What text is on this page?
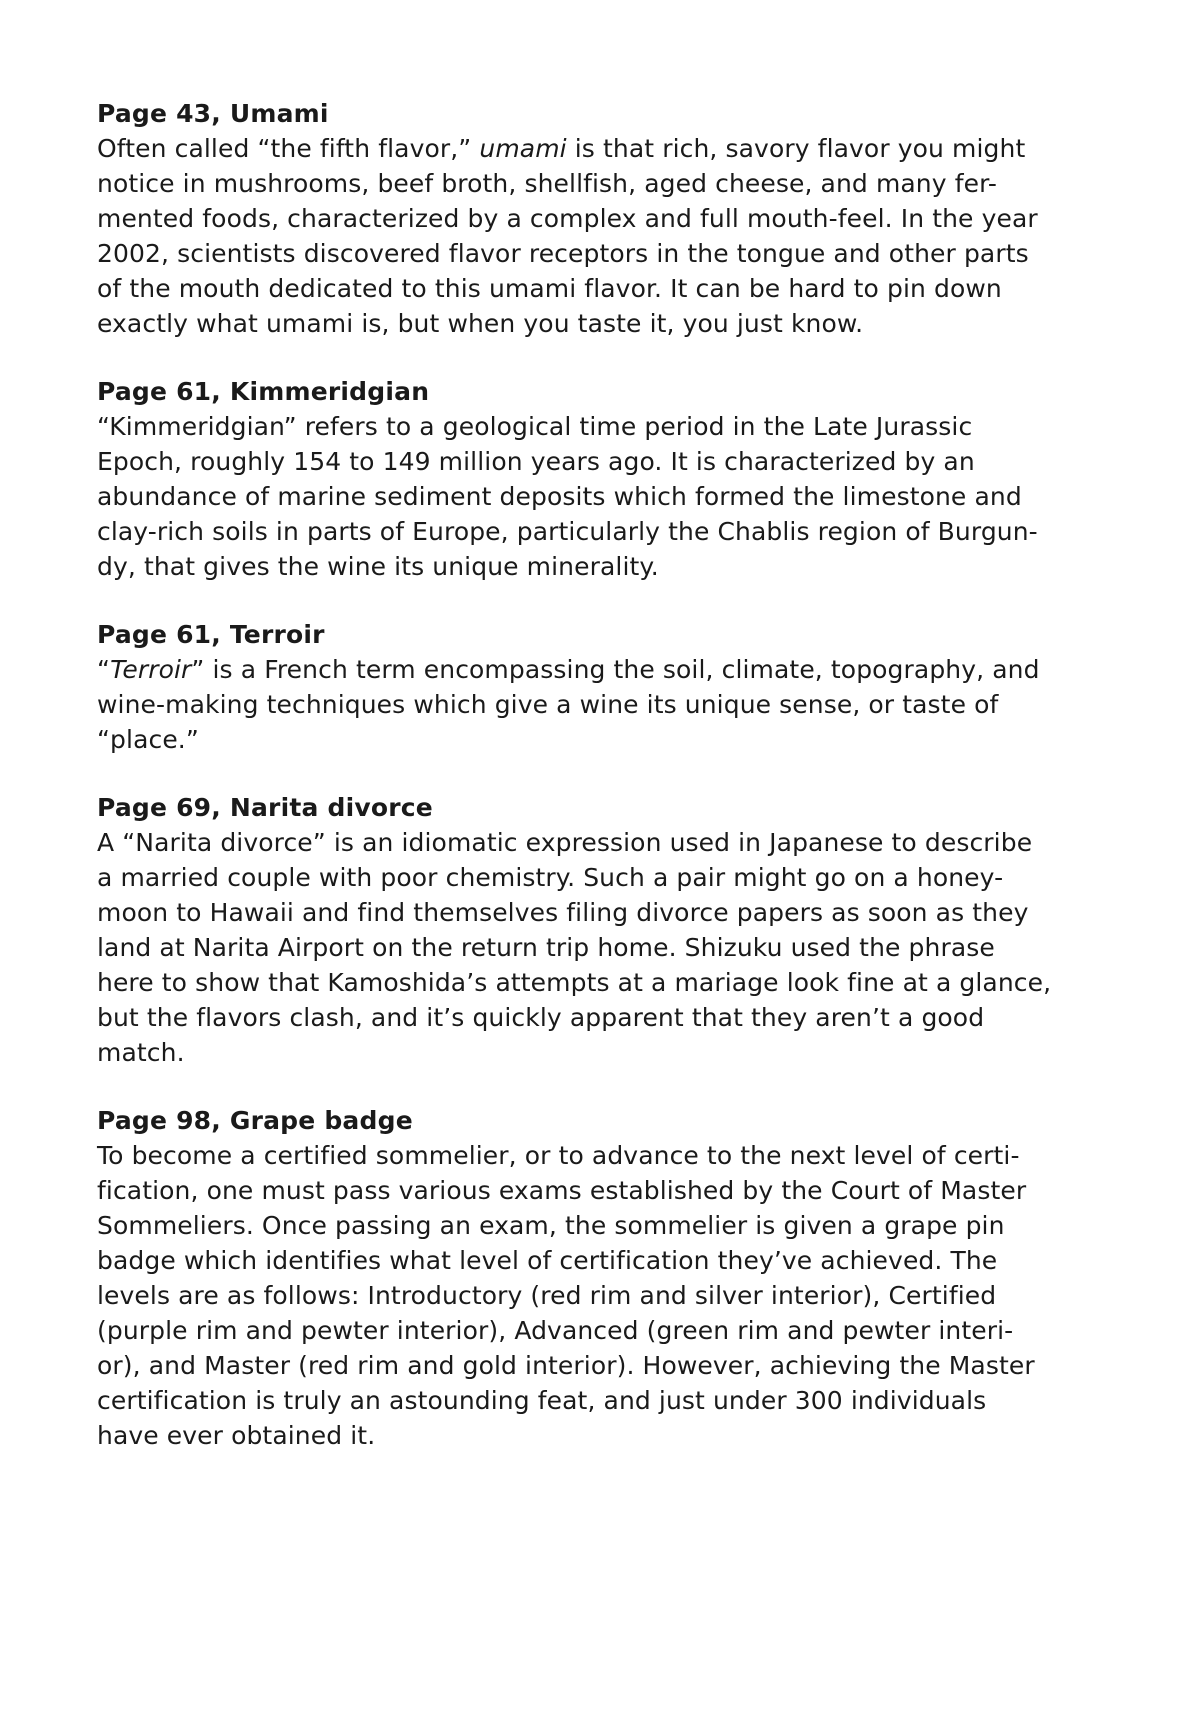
Page 43, Umami

Often called “the fifth flavor,” umami is that rich, savory flavor you might
notice in mushrooms, beef broth, shellfish, aged cheese, and many fer-
mented foods, characterized by a complex and full mouth-feel. In the year
2002, scientists discovered flavor receptors in the tongue and other parts
of the mouth dedicated to this umami flavor. It can be hard to pin down
exactly what umami is, but when you taste it, you just know.

Page 61, Kimmeridgian

“Kimmeridgian” refers to a geological time period in the Late Jurassic
Epoch, roughly 154 to 149 million years ago. It is characterized by an
abundance of marine sediment deposits which formed the limestone and
clay-rich soils in parts of Europe, particularly the Chablis region of Burgun-
dy, that gives the wine its unique minerality.

Page 61, Terroir

“Terroir” is a French term encompassing the soil, climate, topography, and
wine-making techniques which give a wine its unique sense, or taste of
“place.”

Page 69, Narita divorce

A “Narita divorce” is an idiomatic expression used in Japanese to describe
a married couple with poor chemistry. Such a pair might go on a honey-
moon to Hawaii and find themselves filing divorce papers as soon as they
land at Narita Airport on the return trip home. Shizuku used the phrase
here to show that Kamoshida’s attempts at a mariage look fine at a glance,
but the flavors clash, and it’s quickly apparent that they aren’t a good
match.

Page 98, Grape badge

To become a certified sommelier, or to advance to the next level of certi-
fication, one must pass various exams established by the Court of Master
Sommeliers. Once passing an exam, the sommelier is given a grape pin
badge which identifies what level of certification they’ve achieved. The
levels are as follows: Introductory (red rim and silver interior), Certified
(purple rim and pewter interior), Advanced (green rim and pewter interi-
or), and Master (red rim and gold interior). However, achieving the Master
certification is truly an astounding feat, and just under 300 individuals
have ever obtained it.
